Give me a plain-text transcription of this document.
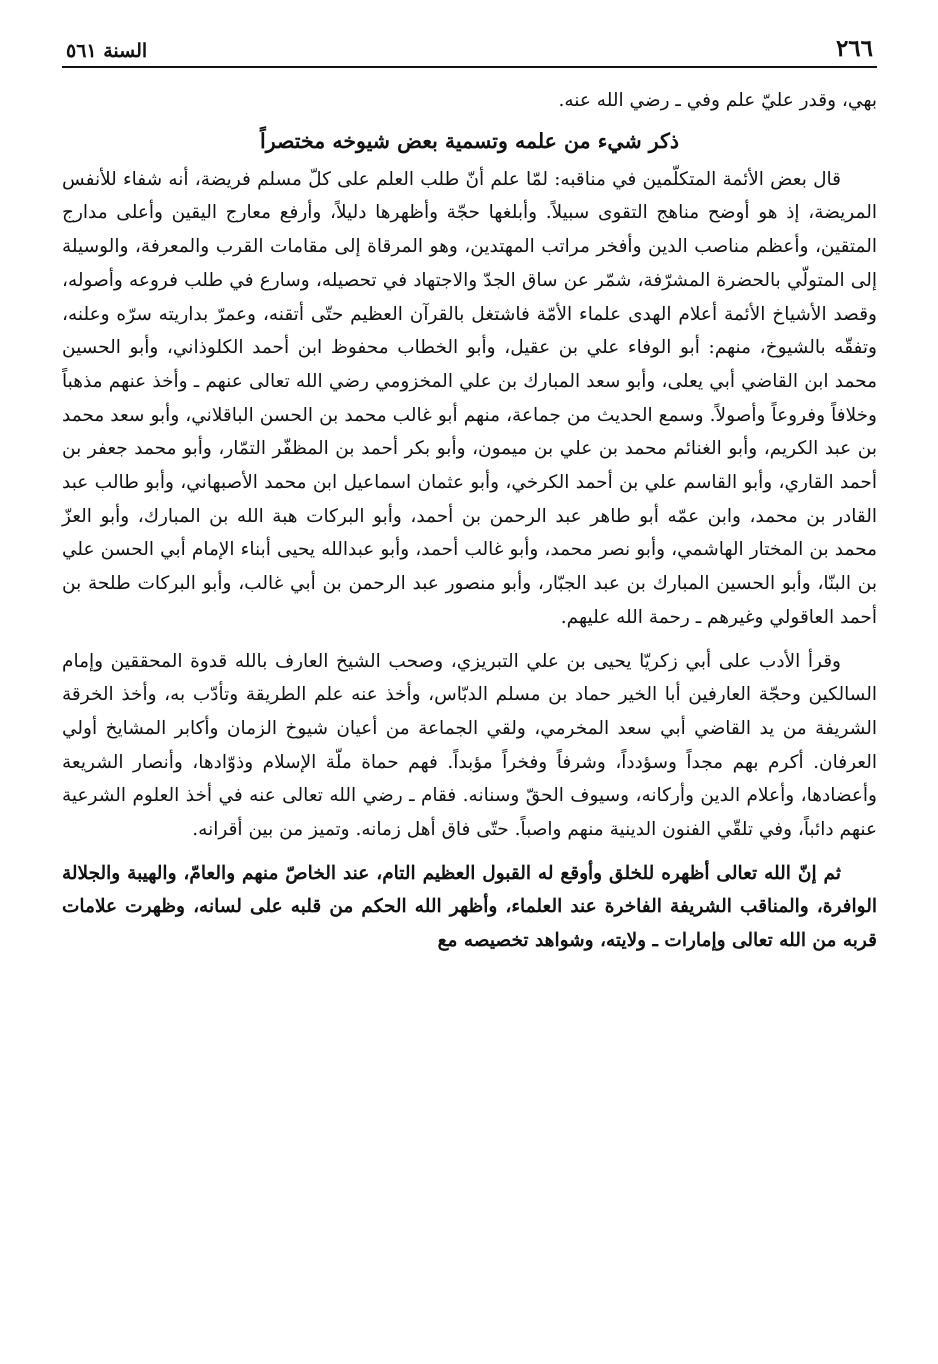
٢٦٦
السنة ٥٦١

بهي، وقدر عليّ علم وفي ـ رضي الله عنه.

ذكر شيء من علمه وتسمية بعض شيوخه مختصراً

قال بعض الأئمة المتكلّمين في مناقبه: لمّا علم أنّ طلب العلم على كلّ مسلم فريضة، أنه شفاء للأنفس المريضة، إذ هو أوضح مناهج التقوى سبيلاً. وأبلغها حجّة وأظهرها دليلاً، وأرفع معارج اليقين وأعلى مدارج المتقين، وأعظم مناصب الدين وأفخر مراتب المهتدين، وهو المرقاة إلى مقامات القرب والمعرفة، والوسيلة إلى المتولّي بالحضرة المشرّفة، شمّر عن ساق الجدّ والاجتهاد في تحصيله، وسارع في طلب فروعه وأصوله، وقصد الأشياخ الأئمة أعلام الهدى علماء الأمّة فاشتغل بالقرآن العظيم حتّى أتقنه، وعمرّ بداريته سرّه وعلنه، وتفقّه بالشيوخ، منهم: أبو الوفاء علي بن عقيل، وأبو الخطاب محفوظ ابن أحمد الكلوذاني، وأبو الحسين محمد ابن القاضي أبي يعلى، وأبو سعد المبارك بن علي المخزومي رضي الله تعالى عنهم ـ وأخذ عنهم مذهباً وخلافاً وفروعاً وأصولاً. وسمع الحديث من جماعة، منهم أبو غالب محمد بن الحسن الباقلاني، وأبو سعد محمد بن عبد الكريم، وأبو الغنائم محمد بن علي بن ميمون، وأبو بكر أحمد بن المظفّر التمّار، وأبو محمد جعفر بن أحمد القاري، وأبو القاسم علي بن أحمد الكرخي، وأبو عثمان اسماعيل ابن محمد الأصبهاني، وأبو طالب عبد القادر بن محمد، وابن عمّه أبو طاهر عبد الرحمن بن أحمد، وأبو البركات هبة الله بن المبارك، وأبو العزّ محمد بن المختار الهاشمي، وأبو نصر محمد، وأبو غالب أحمد، وأبو عبدالله يحيى أبناء الإمام أبي الحسن علي بن البنّا، وأبو الحسين المبارك بن عبد الجبّار، وأبو منصور عبد الرحمن بن أبي غالب، وأبو البركات طلحة بن أحمد العاقولي وغيرهم ـ رحمة الله عليهم.

وقرأ الأدب على أبي زكريّا يحيى بن علي التبريزي، وصحب الشيخ العارف بالله قدوة المحققين وإمام السالكين وحجّة العارفين أبا الخير حماد بن مسلم الدبّاس، وأخذ عنه علم الطريقة وتأدّب به، وأخذ الخرقة الشريفة من يد القاضي أبي سعد المخرمي، ولقي الجماعة من أعيان شيوخ الزمان وأكابر المشايخ أولي العرفان. أكرم بهم مجداً وسؤدداً، وشرفاً وفخراً مؤبداً. فهم حماة ملّة الإسلام وذوّادها، وأنصار الشريعة وأعضادها، وأعلام الدين وأركانه، وسيوف الحقّ وسنانه. فقام ـ رضي الله تعالى عنه في أخذ العلوم الشرعية عنهم دائباً، وفي تلقّي الفنون الدينية منهم واصباً. حتّى فاق أهل زمانه. وتميز من بين أقرانه.

ثم إنّ الله تعالى أظهره للخلق وأوقع له القبول العظيم التام، عند الخاصّ منهم والعامّ، والهيبة والجلالة الوافرة، والمناقب الشريفة الفاخرة عند العلماء، وأظهر الله الحكم من قلبه على لسانه، وظهرت علامات قربه من الله تعالى وإمارات ـ ولايته، وشواهد تخصيصه مع
